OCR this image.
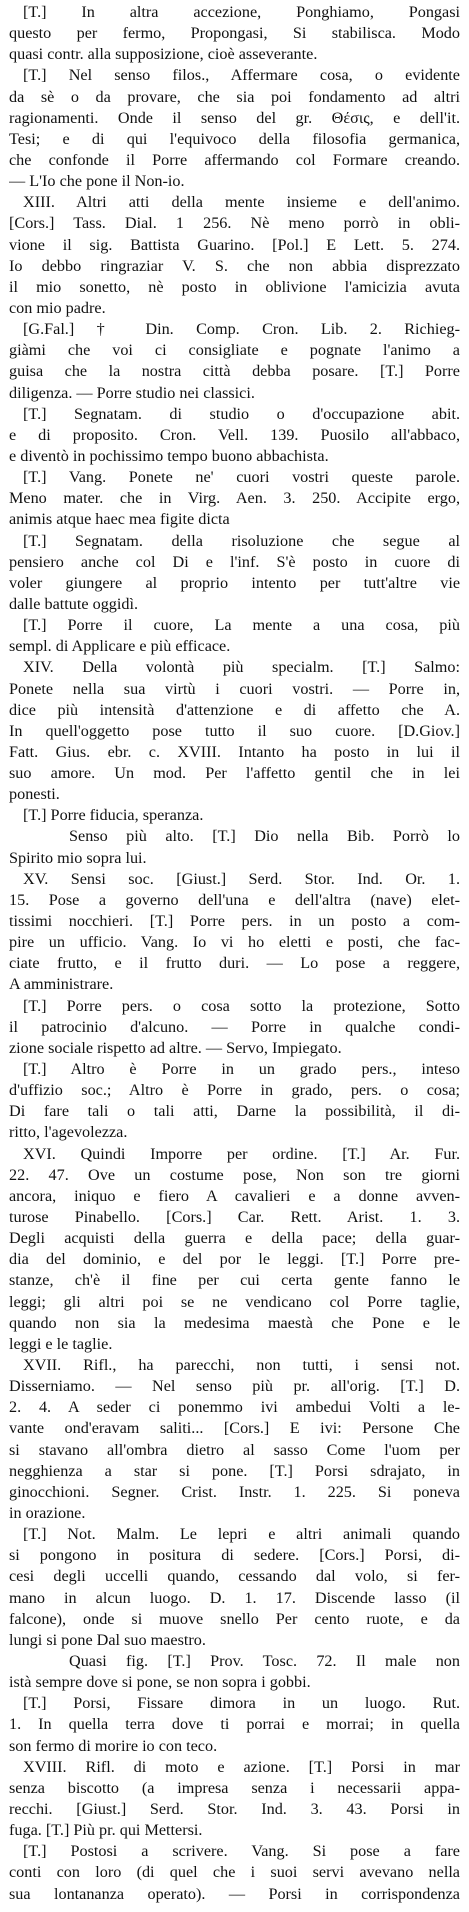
[T.] In altra accezione, Ponghiamo, Pongasi
questo per fermo, Propongasi, Si stabilisca. Modo
quasi contr. alla supposizione, cioè asseverante.
[T.] Nel senso filos., Affermare cosa, o evidente
da sè o da provare, che sia poi fondamento ad altri
ragionamenti. Onde il senso del gr. Θέσις, e dell'it.
Tesi; e di qui l'equivoco della filosofia germanica,
che confonde il Porre affermando col Formare creando.
— L'Io che pone il Non-io.
XIII. Altri atti della mente insieme e dell'animo.
[Cors.] Tass. Dial. 1 256. Nè meno porrò in obli-
vione il sig. Battista Guarino. [Pol.] E Lett. 5. 274.
Io debbo ringraziar V. S. che non abbia disprezzato
il mio sonetto, nè posto in oblivione l'amicizia avuta
con mio padre.
[G.Fal.] † Din. Comp. Cron. Lib. 2. Richieg-
giàmi che voi ci consigliate e pognate l'animo a
guisa che la nostra città debba posare. [T.] Porre
diligenza. — Porre studio nei classici.
[T.] Segnatam. di studio o d'occupazione abit.
e di proposito. Cron. Vell. 139. Puosilo all'abbaco,
e diventò in pochissimo tempo buono abbachista.
[T.] Vang. Ponete ne' cuori vostri queste parole.
Meno mater. che in Virg. Aen. 3. 250. Accipite ergo,
animis atque haec mea figite dicta
[T.] Segnatam. della risoluzione che segue al
pensiero anche col Di e l'inf. S'è posto in cuore di
voler giungere al proprio intento per tutt'altre vie
dalle battute oggidì.
[T.] Porre il cuore, La mente a una cosa, più
sempl. di Applicare e più efficace.
XIV. Della volontà più specialm. [T.] Salmo:
Ponete nella sua virtù i cuori vostri. — Porre in,
dice più intensità d'attenzione e di affetto che A.
In quell'oggetto pose tutto il suo cuore. [D.Giov.]
Fatt. Gius. ebr. c. XVIII. Intanto ha posto in lui il
suo amore. Un mod. Per l'affetto gentil che in lei
ponesti.
[T.] Porre fiducia, speranza.
Senso più alto. [T.] Dio nella Bib. Porrò lo
Spirito mio sopra lui.
XV. Sensi soc. [Giust.] Serd. Stor. Ind. Or. 1.
15. Pose a governo dell'una e dell'altra (nave) elet-
tissimi nocchieri. [T.] Porre pers. in un posto a com-
pire un ufficio. Vang. Io vi ho eletti e posti, che fac-
ciate frutto, e il frutto duri. — Lo pose a reggere,
A amministrare.
[T.] Porre pers. o cosa sotto la protezione, Sotto
il patrocinio d'alcuno. — Porre in qualche condi-
zione sociale rispetto ad altre. — Servo, Impiegato.
[T.] Altro è Porre in un grado pers., inteso
d'uffizio soc.; Altro è Porre in grado, pers. o cosa;
Di fare tali o tali atti, Darne la possibilità, il di-
ritto, l'agevolezza.
XVI. Quindi Imporre per ordine. [T.] Ar. Fur.
22. 47. Ove un costume pose, Non son tre giorni
ancora, iniquo e fiero A cavalieri e a donne avven-
turose Pinabello. [Cors.] Car. Rett. Arist. 1. 3.
Degli acquisti della guerra e della pace; della guar-
dia del dominio, e del por le leggi. [T.] Porre pre-
stanze, ch'è il fine per cui certa gente fanno le
leggi; gli altri poi se ne vendicano col Porre taglie,
quando non sia la medesima maestà che Pone e le
leggi e le taglie.
XVII. Rifl., ha parecchi, non tutti, i sensi not.
Disserniamo. — Nel senso più pr. all'orig. [T.] D.
2. 4. A seder ci ponemmo ivi ambedui Volti a le-
vante ond'eravam saliti... [Cors.] E ivi: Persone Che
si stavano all'ombra dietro al sasso Come l'uom per
negghienza a star si pone. [T.] Porsi sdrajato, in
ginocchioni. Segner. Crist. Instr. 1. 225. Si poneva
in orazione.
[T.] Not. Malm. Le lepri e altri animali quando
si pongono in positura di sedere. [Cors.] Porsi, di-
cesi degli uccelli quando, cessando dal volo, si fer-
mano in alcun luogo. D. 1. 17. Discende lasso (il
falcone), onde si muove snello Per cento ruote, e da
lungi si pone Dal suo maestro.
Quasi fig. [T.] Prov. Tosc. 72. Il male non
istà sempre dove si pone, se non sopra i gobbi.
[T.] Porsi, Fissare dimora in un luogo. Rut.
1. In quella terra dove ti porrai e morrai; in quella
son fermo di morire io con teco.
XVIII. Rifl. di moto e azione. [T.] Porsi in mar
senza biscotto (a impresa senza i necessarii appa-
recchi. [Giust.] Serd. Stor. Ind. 3. 43. Porsi in
fuga. [T.] Più pr. qui Mettersi.
[T.] Postosi a scrivere. Vang. Si pose a fare
conti con loro (di quel che i suoi servi avevano nella
sua lontananza operato). — Porsi in corrispondenza
